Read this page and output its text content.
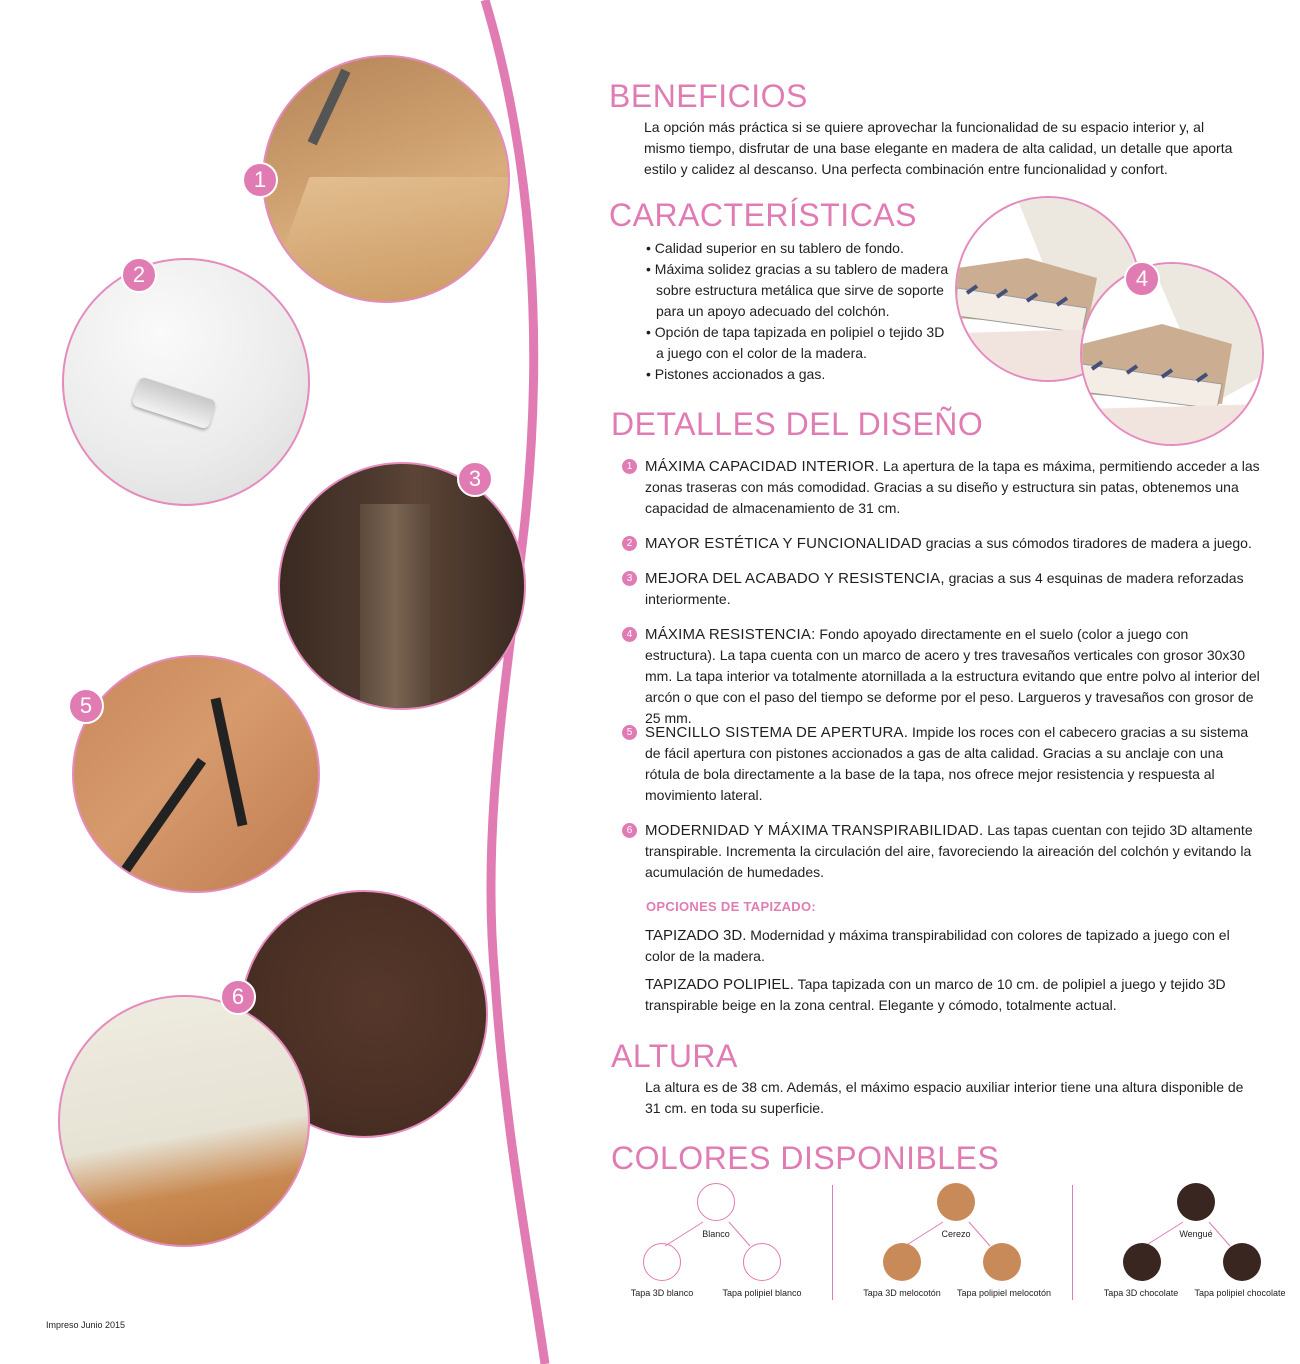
1
2
3
5
6
BENEFICIOS

La opción más práctica si se quiere aprovechar la funcionalidad de su espacio interior y, al mismo tiempo, disfrutar de una base elegante en madera de alta calidad, un detalle que aporta estilo y calidez al descanso. Una perfecta combinación entre funcionalidad y confort.

CARACTERÍSTICAS
• Calidad superior en su tablero de fondo.
• Máxima solidez gracias a su tablero de madera sobre estructura metálica que sirve de soporte para un apoyo adecuado del colchón.
• Opción de tapa tapizada en polipiel o tejido 3D a juego con el color de la madera.
• Pistones accionados a gas.
4
DETALLES DEL DISEÑO
1 MÁXIMA CAPACIDAD INTERIOR. La apertura de la tapa es máxima, permitiendo acceder a las zonas traseras con más comodidad. Gracias a su diseño y estructura sin patas, obtenemos una capacidad de almacenamiento de 31 cm.
2 MAYOR ESTÉTICA Y FUNCIONALIDAD gracias a sus cómodos tiradores de madera a juego.
3 MEJORA DEL ACABADO Y RESISTENCIA, gracias a sus 4 esquinas de madera reforzadas interiormente.
4 MÁXIMA RESISTENCIA: Fondo apoyado directamente en el suelo (color a juego con estructura). La tapa cuenta con un marco de acero y tres travesaños verticales con grosor 30x30 mm. La tapa interior va totalmente atornillada a la estructura evitando que entre polvo al interior del arcón o que con el paso del tiempo se deforme por el peso. Largueros y travesaños con grosor de 25 mm.
5 SENCILLO SISTEMA DE APERTURA. Impide los roces con el cabecero gracias a su sistema de fácil apertura con pistones accionados a gas de alta calidad. Gracias a su anclaje con una rótula de bola directamente a la base de la tapa, nos ofrece mejor resistencia y respuesta al movimiento lateral.
6 MODERNIDAD Y MÁXIMA TRANSPIRABILIDAD. Las tapas cuentan con tejido 3D altamente transpirable. Incrementa la circulación del aire, favoreciendo la aireación del colchón y evitando la acumulación de humedades.
OPCIONES DE TAPIZADO:

TAPIZADO 3D. Modernidad y máxima transpirabilidad con colores de tapizado a juego con el color de la madera.

TAPIZADO POLIPIEL. Tapa tapizada con un marco de 10 cm. de polipiel a juego y tejido 3D transpirable beige en la zona central. Elegante y cómodo, totalmente actual.

ALTURA

La altura es de 38 cm. Además, el máximo espacio auxiliar interior tiene una altura disponible de 31 cm. en toda su superficie.

COLORES DISPONIBLES
Blanco
Tapa 3D blanco	Tapa polipiel blanco
Cerezo
Tapa 3D melocotón Tapa polipiel melocotón
Wengué
Tapa 3D chocolate Tapa polipiel chocolate
Impreso Junio 2015
